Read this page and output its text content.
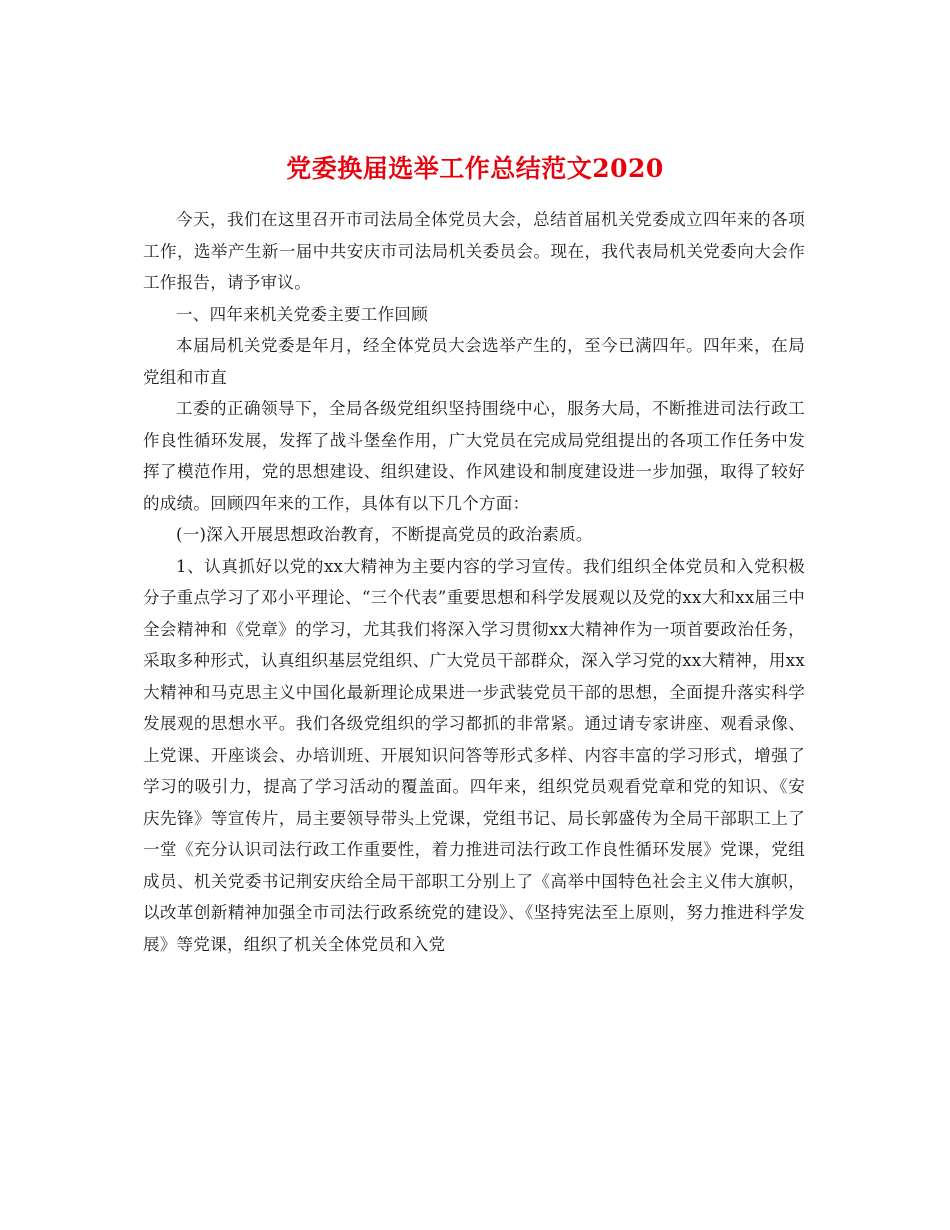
党委换届选举工作总结范文2020

今天，我们在这里召开市司法局全体党员大会，总结首届机关党委成立四年来的各项工作，选举产生新一届中共安庆市司法局机关委员会。现在，我代表局机关党委向大会作工作报告，请予审议。

一、四年来机关党委主要工作回顾

本届局机关党委是年月，经全体党员大会选举产生的，至今已满四年。四年来，在局党组和市直

工委的正确领导下，全局各级党组织坚持围绕中心，服务大局，不断推进司法行政工作良性循环发展，发挥了战斗堡垒作用，广大党员在完成局党组提出的各项工作任务中发挥了模范作用，党的思想建设、组织建设、作风建设和制度建设进一步加强，取得了较好的成绩。回顾四年来的工作，具体有以下几个方面：

(一)深入开展思想政治教育，不断提高党员的政治素质。

1、认真抓好以党的xx大精神为主要内容的学习宣传。我们组织全体党员和入党积极分子重点学习了邓小平理论、“三个代表”重要思想和科学发展观以及党的xx大和xx届三中全会精神和《党章》的学习，尤其我们将深入学习贯彻xx大精神作为一项首要政治任务，采取多种形式，认真组织基层党组织、广大党员干部群众，深入学习党的xx大精神，用xx大精神和马克思主义中国化最新理论成果进一步武装党员干部的思想，全面提升落实科学发展观的思想水平。我们各级党组织的学习都抓的非常紧。通过请专家讲座、观看录像、上党课、开座谈会、办培训班、开展知识问答等形式多样、内容丰富的学习形式，增强了学习的吸引力，提高了学习活动的覆盖面。四年来，组织党员观看党章和党的知识、《安庆先锋》等宣传片，局主要领导带头上党课，党组书记、局长郭盛传为全局干部职工上了一堂《充分认识司法行政工作重要性，着力推进司法行政工作良性循环发展》党课，党组成员、机关党委书记荆安庆给全局干部职工分别上了《高举中国特色社会主义伟大旗帜，以改革创新精神加强全市司法行政系统党的建设》、《坚持宪法至上原则，努力推进科学发展》等党课，组织了机关全体党员和入党
